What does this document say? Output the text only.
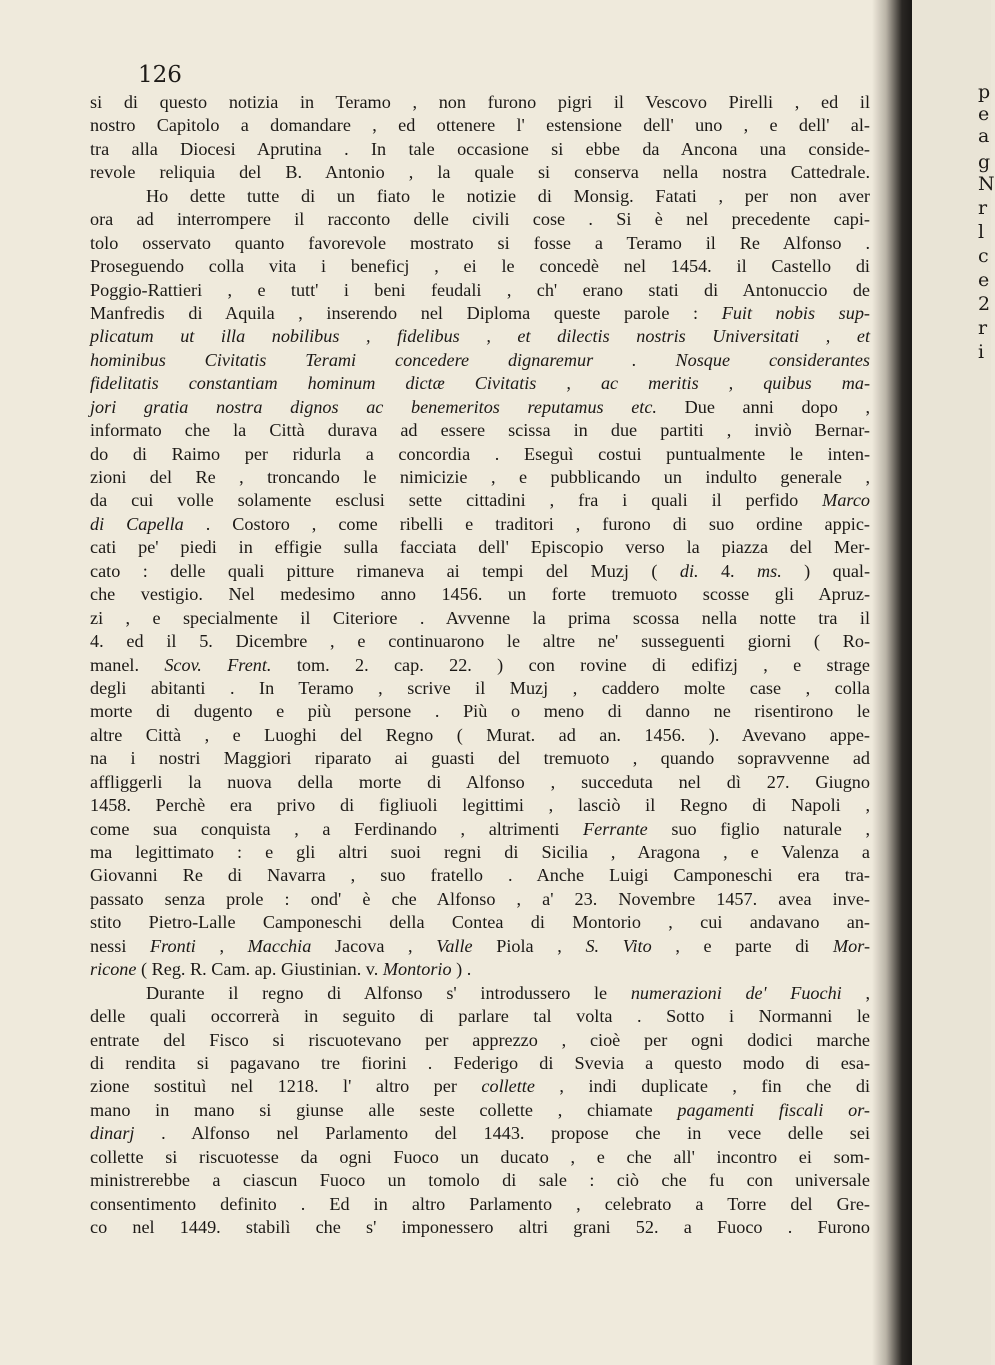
126

si di questo notizia in Teramo , non furono pigri il Vescovo Pirelli , ed il
nostro Capitolo a domandare , ed ottenere l' estensione dell' uno , e dell' al-
tra alla Diocesi Aprutina . In tale occasione si ebbe da Ancona una conside-
revole reliquia del B. Antonio , la quale si conserva nella nostra Cattedrale.
Ho dette tutte di un fiato le notizie di Monsig. Fatati , per non aver
ora ad interrompere il racconto delle civili cose . Si è nel precedente capi-
tolo osservato quanto favorevole mostrato si fosse a Teramo il Re Alfonso .
Proseguendo colla vita i beneficj , ei le concedè nel 1454. il Castello di
Poggio-Rattieri , e tutt' i beni feudali , ch' erano stati di Antonuccio de
Manfredis di Aquila , inserendo nel Diploma queste parole : Fuit nobis sup-
plicatum ut illa nobilibus , fidelibus , et dilectis nostris Universitati , et
hominibus Civitatis Terami concedere dignaremur . Nosque considerantes
fidelitatis constantiam hominum dictæ Civitatis , ac meritis , quibus ma-
jori gratia nostra dignos ac benemeritos reputamus etc. Due anni dopo ,
informato che la Città durava ad essere scissa in due partiti , inviò Bernar-
do di Raimo per ridurla a concordia . Eseguì costui puntualmente le inten-
zioni del Re , troncando le nimicizie , e pubblicando un indulto generale ,
da cui volle solamente esclusi sette cittadini , fra i quali il perfido Marco
di Capella . Costoro , come ribelli e traditori , furono di suo ordine appic-
cati pe' piedi in effigie sulla facciata dell' Episcopio verso la piazza del Mer-
cato : delle quali pitture rimaneva ai tempi del Muzj ( di. 4. ms. ) qual-
che vestigio. Nel medesimo anno 1456. un forte tremuoto scosse gli Apruz-
zi , e specialmente il Citeriore . Avvenne la prima scossa nella notte tra il
4. ed il 5. Dicembre , e continuarono le altre ne' susseguenti giorni ( Ro-
manel. Scov. Frent. tom. 2. cap. 22. ) con rovine di edifizj , e strage
degli abitanti . In Teramo , scrive il Muzj , caddero molte case , colla
morte di dugento e più persone . Più o meno di danno ne risentirono le
altre Città , e Luoghi del Regno ( Murat. ad an. 1456. ). Avevano appe-
na i nostri Maggiori riparato ai guasti del tremuoto , quando sopravvenne ad
affliggerli la nuova della morte di Alfonso , succeduta nel dì 27. Giugno
1458. Perchè era privo di figliuoli legittimi , lasciò il Regno di Napoli ,
come sua conquista , a Ferdinando , altrimenti Ferrante suo figlio naturale ,
ma legittimato : e gli altri suoi regni di Sicilia , Aragona , e Valenza a
Giovanni Re di Navarra , suo fratello . Anche Luigi Camponeschi era tra-
passato senza prole : ond' è che Alfonso , a' 23. Novembre 1457. avea inve-
stito Pietro-Lalle Camponeschi della Contea di Montorio , cui andavano an-
nessi Fronti , Macchia Jacova , Valle Piola , S. Vito , e parte di Mor-
ricone ( Reg. R. Cam. ap. Giustinian. v. Montorio ) .
Durante il regno di Alfonso s' introdussero le numerazioni de' Fuochi ,
delle quali occorrerà in seguito di parlare tal volta . Sotto i Normanni le
entrate del Fisco si riscuotevano per apprezzo , cioè per ogni dodici marche
di rendita si pagavano tre fiorini . Federigo di Svevia a questo modo di esa-
zione sostituì nel 1218. l' altro per collette , indi duplicate , fin che di
mano in mano si giunse alle seste collette , chiamate pagamenti fiscali or-
dinarj . Alfonso nel Parlamento del 1443. propose che in vece delle sei
collette si riscuotesse da ogni Fuoco un ducato , e che all' incontro ei som-
ministrerebbe a ciascun Fuoco un tomolo di sale : ciò che fu con universale
consentimento definito . Ed in altro Parlamento , celebrato a Torre del Gre-
co nel 1449. stabilì che s' imponessero altri grani 52. a Fuoco . Furono
p
e
a
g
N
r
l
c
e
2
r
i
